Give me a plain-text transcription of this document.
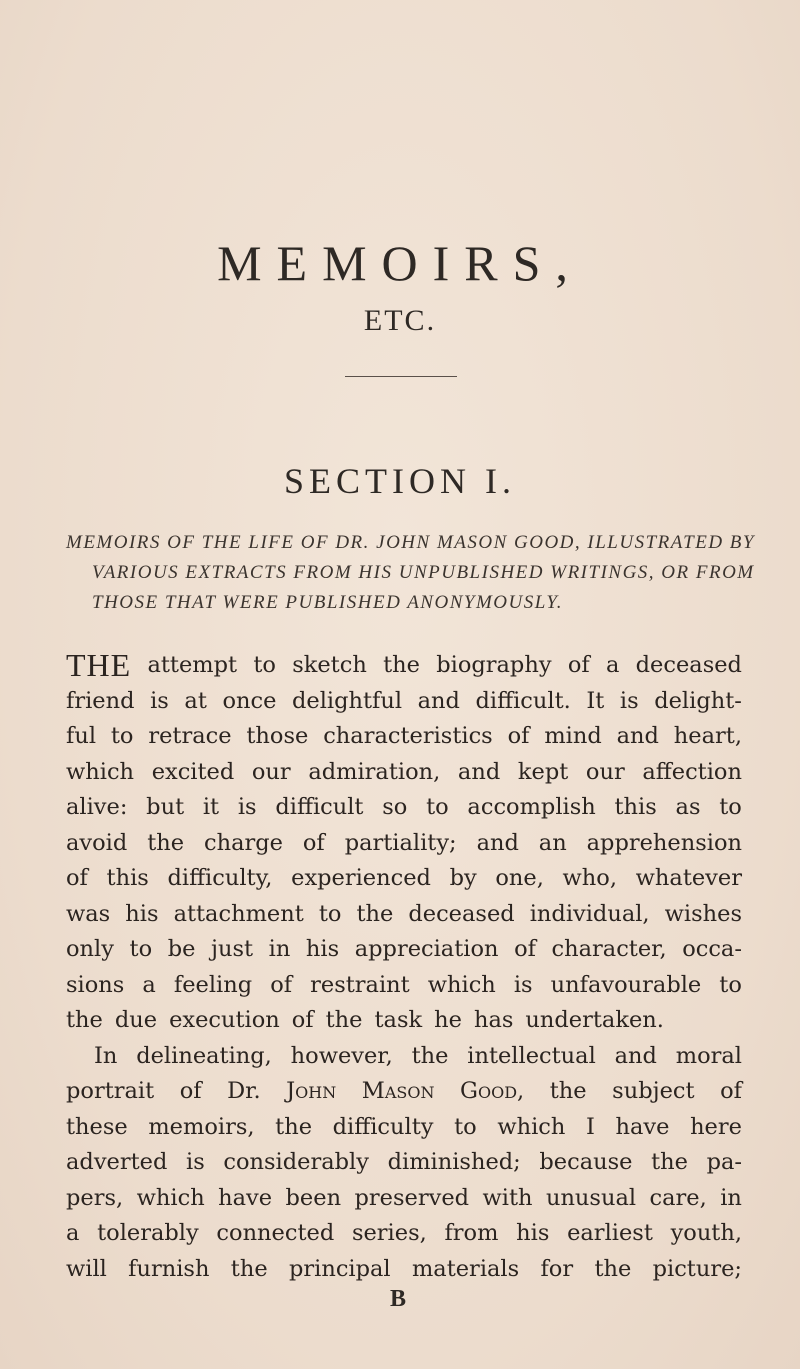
MEMOIRS,
ETC.
SECTION I.
MEMOIRS OF THE LIFE OF DR. JOHN MASON GOOD, ILLUSTRATED BY
VARIOUS EXTRACTS FROM HIS UNPUBLISHED WRITINGS, OR FROM
THOSE THAT WERE PUBLISHED ANONYMOUSLY.
THE attempt to sketch the biography of a deceased
friend is at once delightful and difficult. It is delight-
ful to retrace those characteristics of mind and heart,
which excited our admiration, and kept our affection
alive: but it is difficult so to accomplish this as to
avoid the charge of partiality; and an apprehension
of this difficulty, experienced by one, who, whatever
was his attachment to the deceased individual, wishes
only to be just in his appreciation of character, occa-
sions a feeling of restraint which is unfavourable to
the due execution of the task he has undertaken.
In delineating, however, the intellectual and moral
portrait of Dr. John Mason Good, the subject of
these memoirs, the difficulty to which I have here
adverted is considerably diminished; because the pa-
pers, which have been preserved with unusual care, in
a tolerably connected series, from his earliest youth,
will furnish the principal materials for the picture;
B
